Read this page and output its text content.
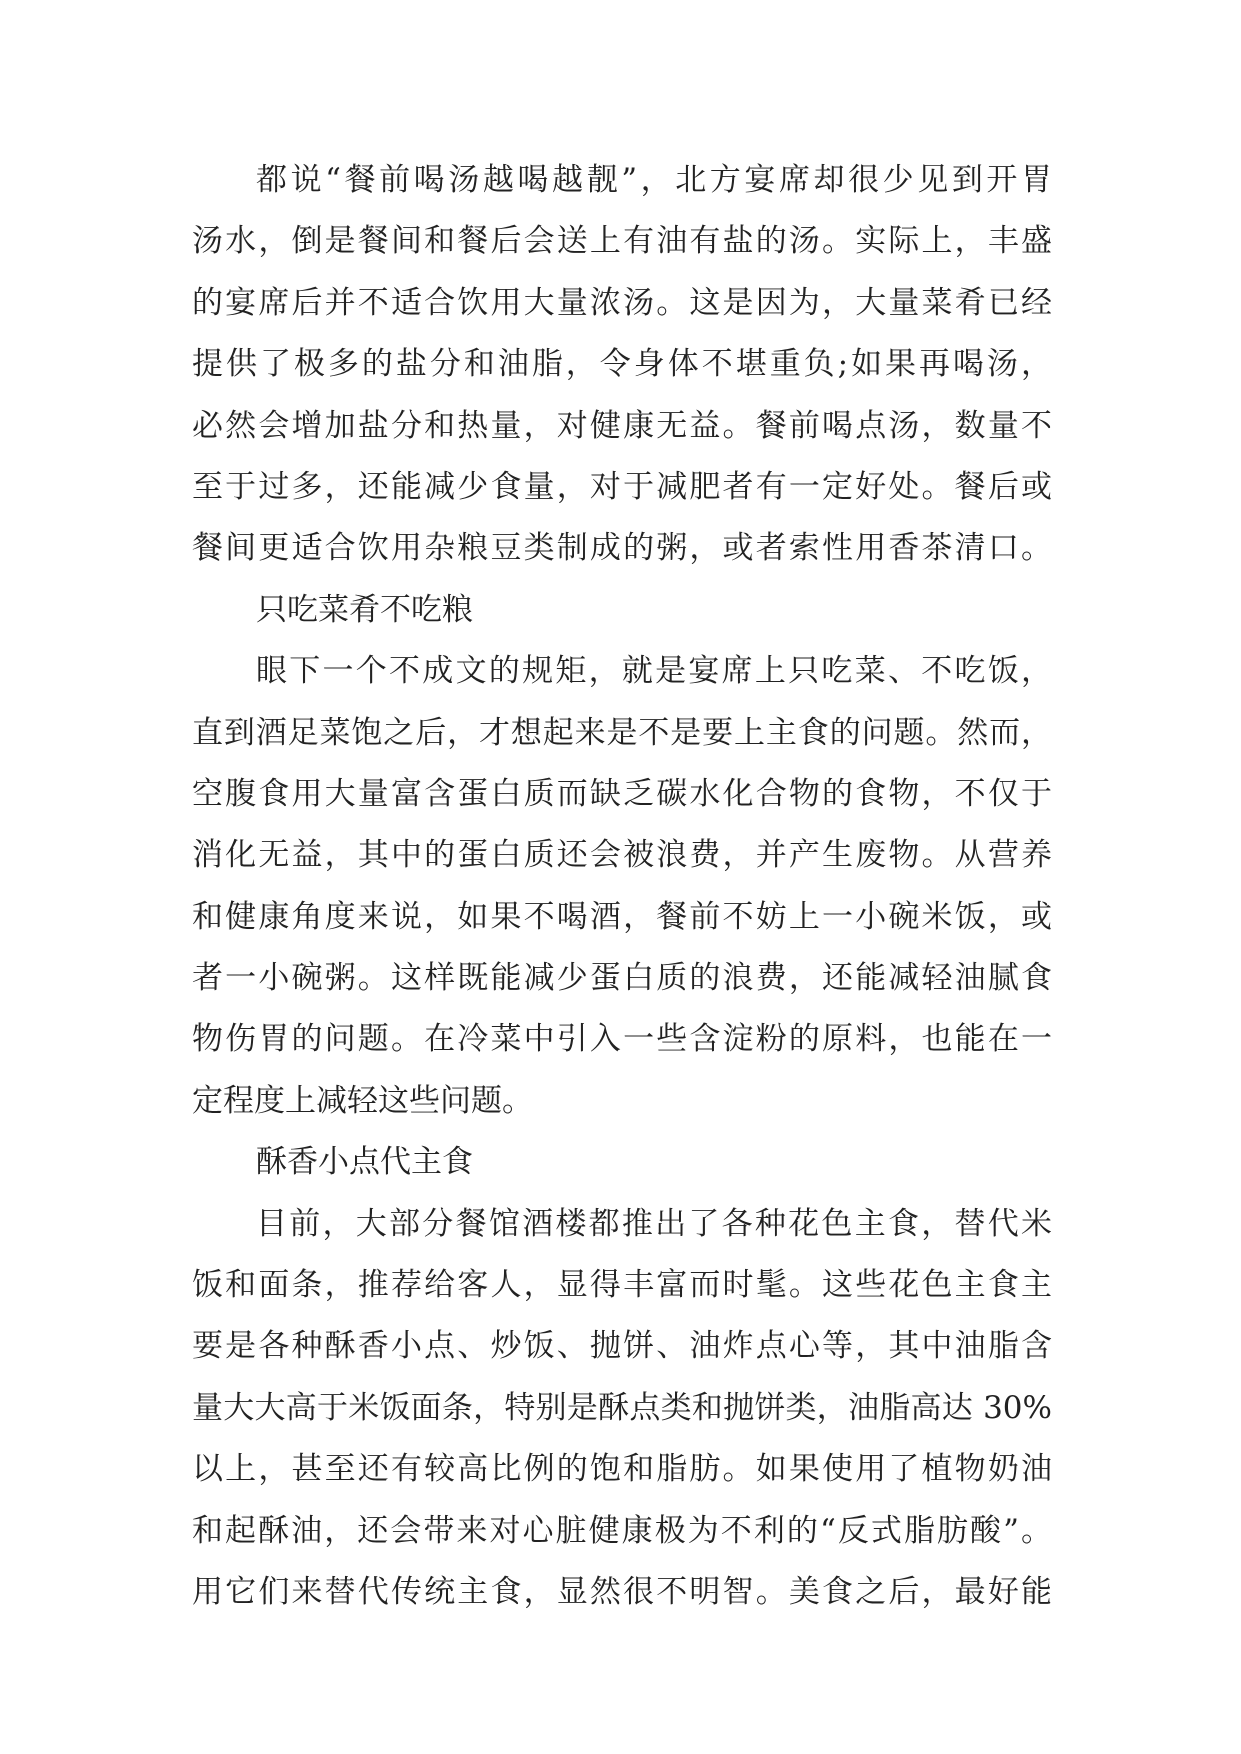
都说“餐前喝汤越喝越靓”，北方宴席却很少见到开胃
汤水，倒是餐间和餐后会送上有油有盐的汤。实际上，丰盛
的宴席后并不适合饮用大量浓汤。这是因为，大量菜肴已经
提供了极多的盐分和油脂，令身体不堪重负;如果再喝汤，
必然会增加盐分和热量，对健康无益。餐前喝点汤，数量不
至于过多，还能减少食量，对于减肥者有一定好处。餐后或
餐间更适合饮用杂粮豆类制成的粥，或者索性用香茶清口。
只吃菜肴不吃粮
眼下一个不成文的规矩，就是宴席上只吃菜、不吃饭，
直到酒足菜饱之后，才想起来是不是要上主食的问题。然而，
空腹食用大量富含蛋白质而缺乏碳水化合物的食物，不仅于
消化无益，其中的蛋白质还会被浪费，并产生废物。从营养
和健康角度来说，如果不喝酒，餐前不妨上一小碗米饭，或
者一小碗粥。这样既能减少蛋白质的浪费，还能减轻油腻食
物伤胃的问题。在冷菜中引入一些含淀粉的原料，也能在一
定程度上减轻这些问题。
酥香小点代主食
目前，大部分餐馆酒楼都推出了各种花色主食，替代米
饭和面条，推荐给客人，显得丰富而时髦。这些花色主食主
要是各种酥香小点、炒饭、抛饼、油炸点心等，其中油脂含
量大大高于米饭面条，特别是酥点类和抛饼类，油脂高达 30%
以上，甚至还有较高比例的饱和脂肪。如果使用了植物奶油
和起酥油，还会带来对心脏健康极为不利的“反式脂肪酸”。
用它们来替代传统主食，显然很不明智。美食之后，最好能
